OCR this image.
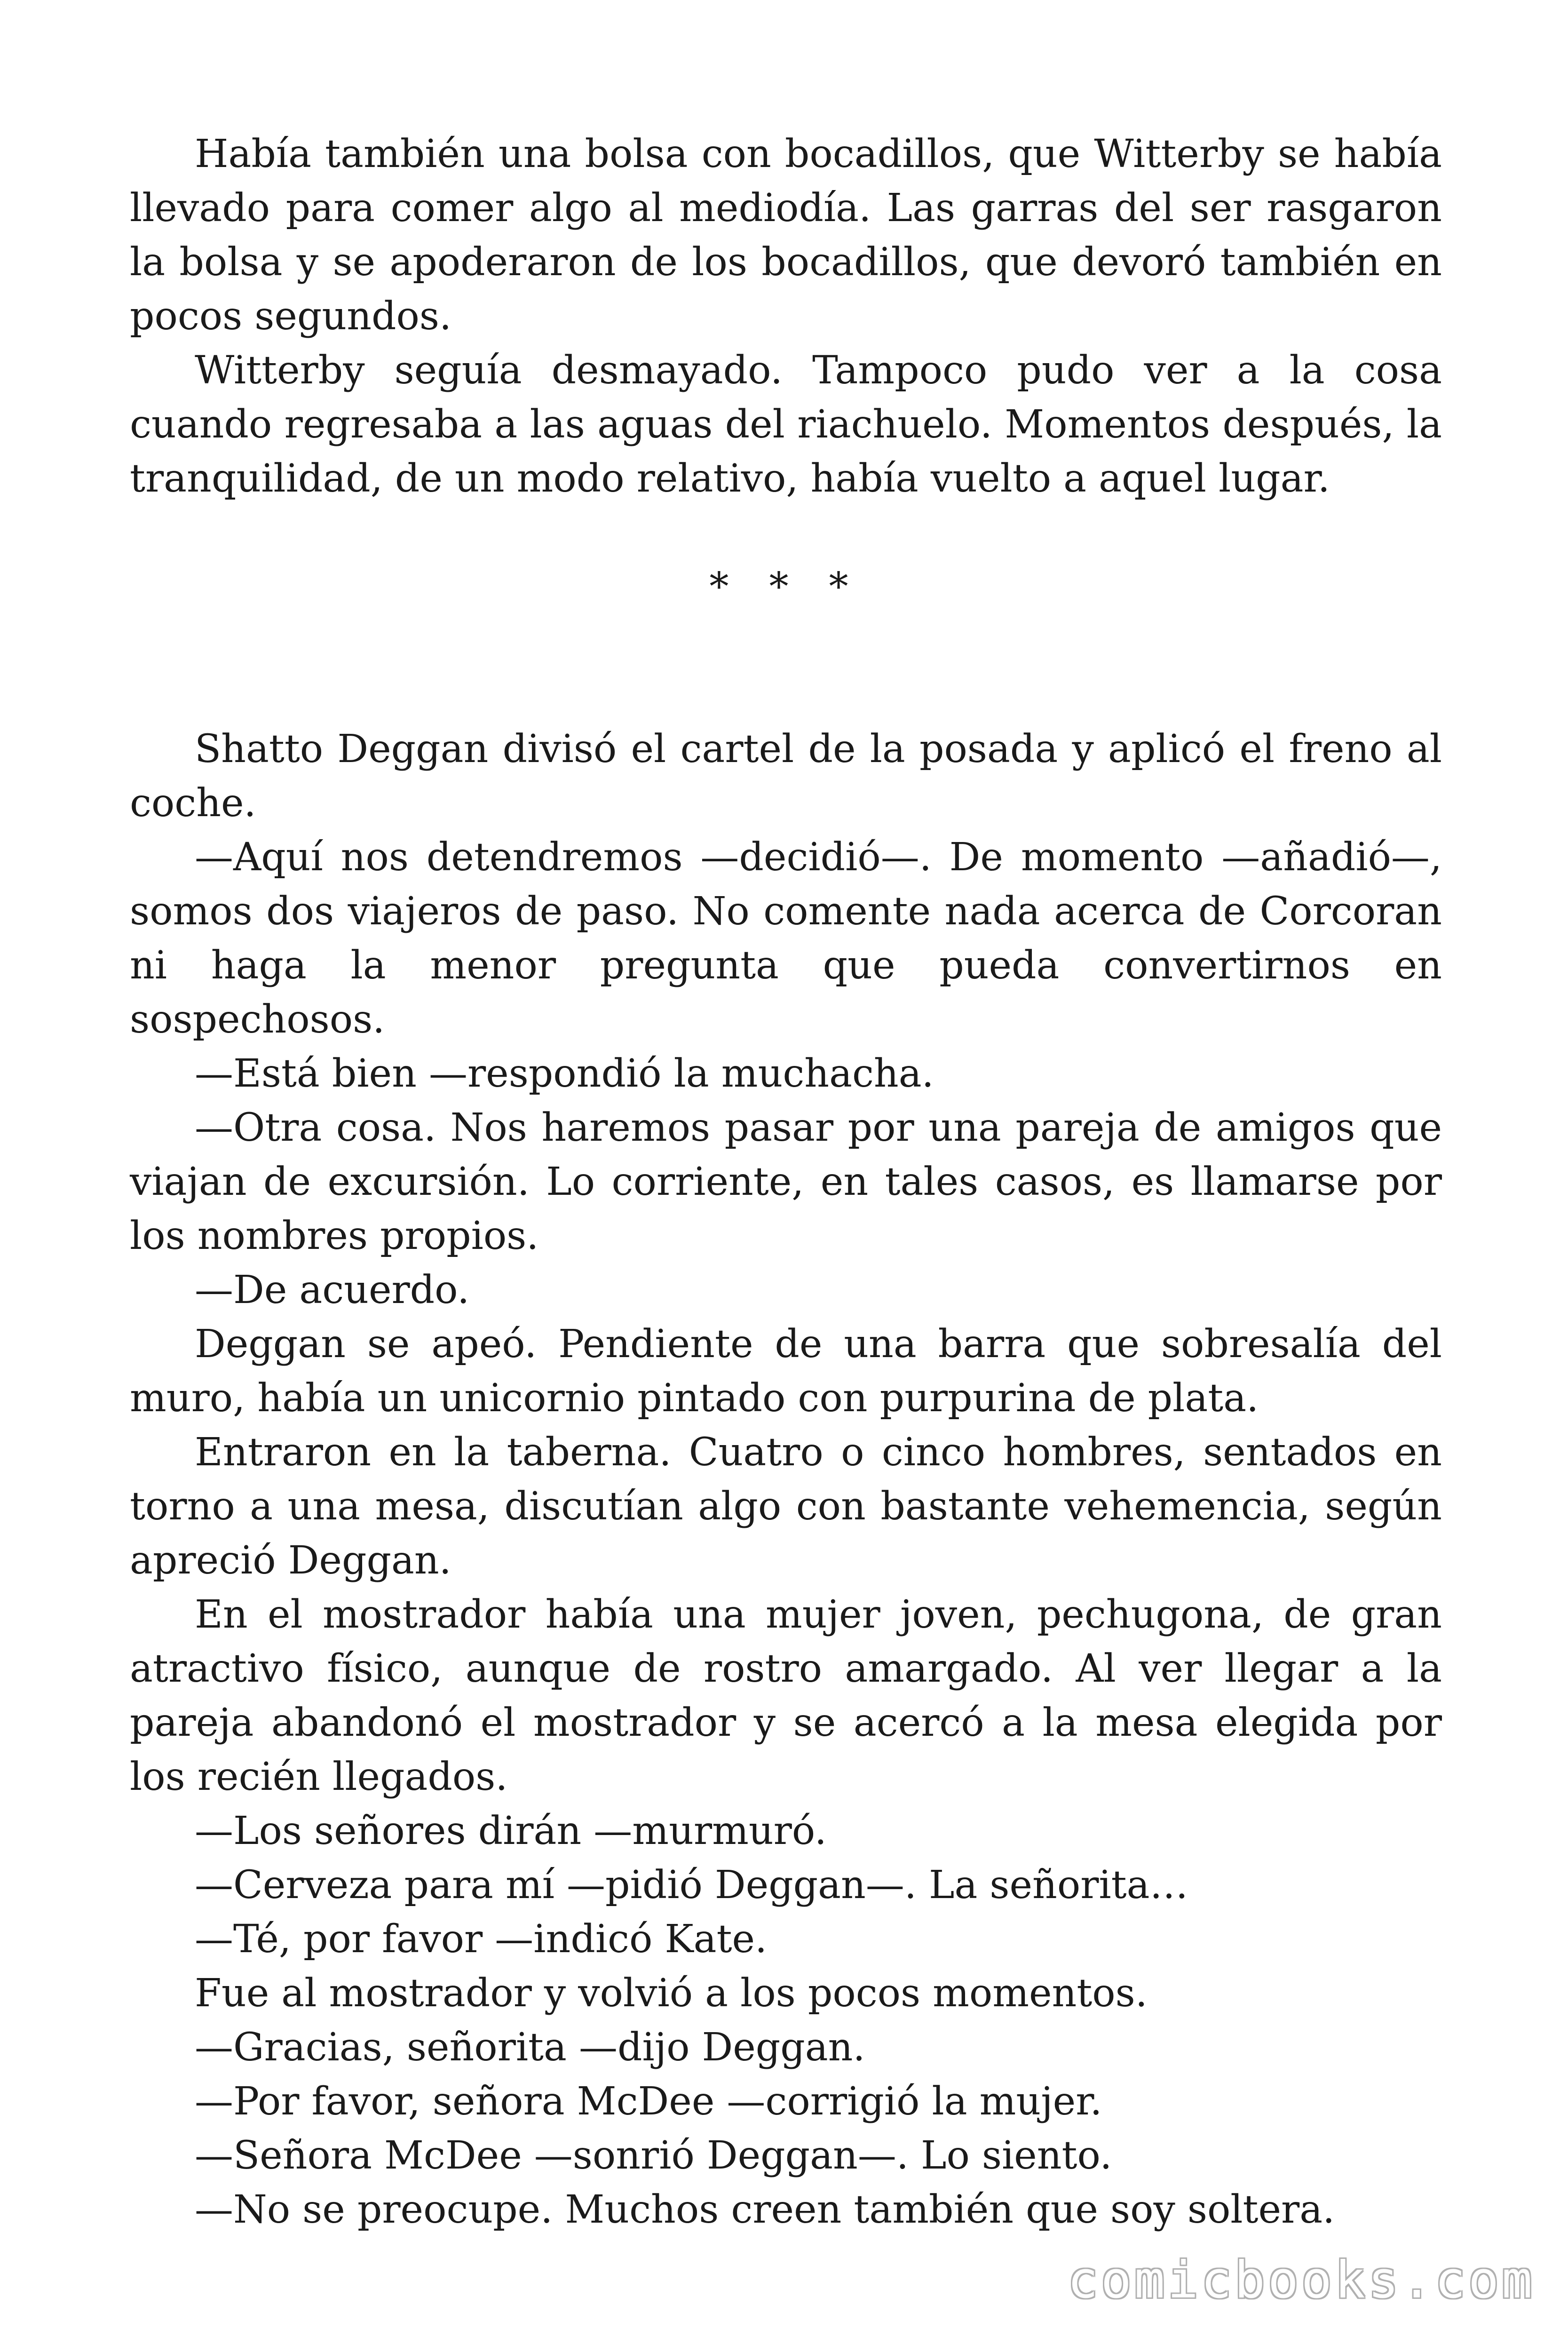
Había también una bolsa con bocadillos, que Witterby se había llevado para comer algo al mediodía. Las garras del ser rasgaron la bolsa y se apoderaron de los bocadillos, que devoró también en pocos segundos.

Witterby seguía desmayado. Tampoco pudo ver a la cosa cuando regresaba a las aguas del riachuelo. Momentos después, la tranquilidad, de un modo relativo, había vuelto a aquel lugar.

* * *

Shatto Deggan divisó el cartel de la posada y aplicó el freno al coche.

—Aquí nos detendremos —decidió—. De momento —añadió—, somos dos viajeros de paso. No comente nada acerca de Corcoran ni haga la menor pregunta que pueda convertirnos en sospechosos.

—Está bien —respondió la muchacha.

—Otra cosa. Nos haremos pasar por una pareja de amigos que viajan de excursión. Lo corriente, en tales casos, es llamarse por los nombres propios.

—De acuerdo.

Deggan se apeó. Pendiente de una barra que sobresalía del muro, había un unicornio pintado con purpurina de plata.

Entraron en la taberna. Cuatro o cinco hombres, sentados en torno a una mesa, discutían algo con bastante vehemencia, según apreció Deggan.

En el mostrador había una mujer joven, pechugona, de gran atractivo físico, aunque de rostro amargado. Al ver llegar a la pareja abandonó el mostrador y se acercó a la mesa elegida por los recién llegados.

—Los señores dirán —murmuró.

—Cerveza para mí —pidió Deggan—. La señorita…

—Té, por favor —indicó Kate.

Fue al mostrador y volvió a los pocos momentos.

—Gracias, señorita —dijo Deggan.

—Por favor, señora McDee —corrigió la mujer.

—Señora McDee —sonrió Deggan—. Lo siento.

—No se preocupe. Muchos creen también que soy soltera.

comicbooks.com
